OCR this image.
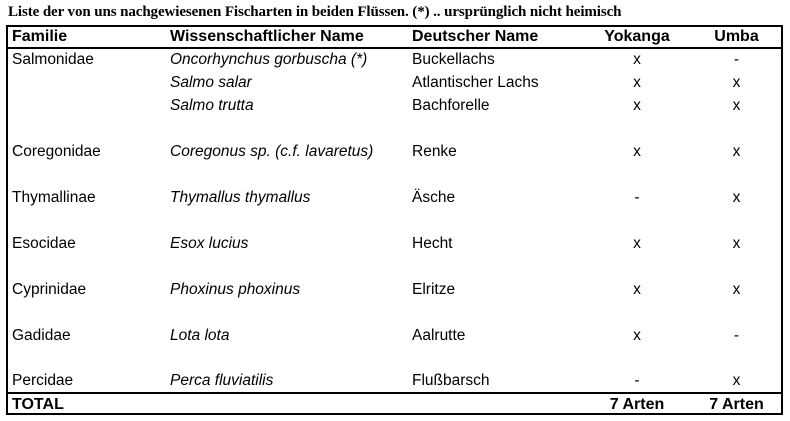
Liste der von uns nachgewiesenen Fischarten in beiden Flüssen. (*) .. ursprünglich nicht heimisch
Familie	Wissenschaftlicher Name	Deutscher Name	Yokanga	Umba
Salmonidae	Oncorhynchus gorbuscha (*)	Buckellachs	x	-
	Salmo salar	Atlantischer Lachs	x	x
	Salmo trutta	Bachforelle	x	x

Coregonidae	Coregonus sp. (c.f. lavaretus)	Renke	x	x

Thymallinae	Thymallus thymallus	Äsche	-	x

Esocidae	Esox lucius	Hecht	x	x

Cyprinidae	Phoxinus phoxinus	Elritze	x	x

Gadidae	Lota lota	Aalrutte	x	-

Percidae	Perca fluviatilis	Flußbarsch	-	x
TOTAL			7 Arten	7 Arten
